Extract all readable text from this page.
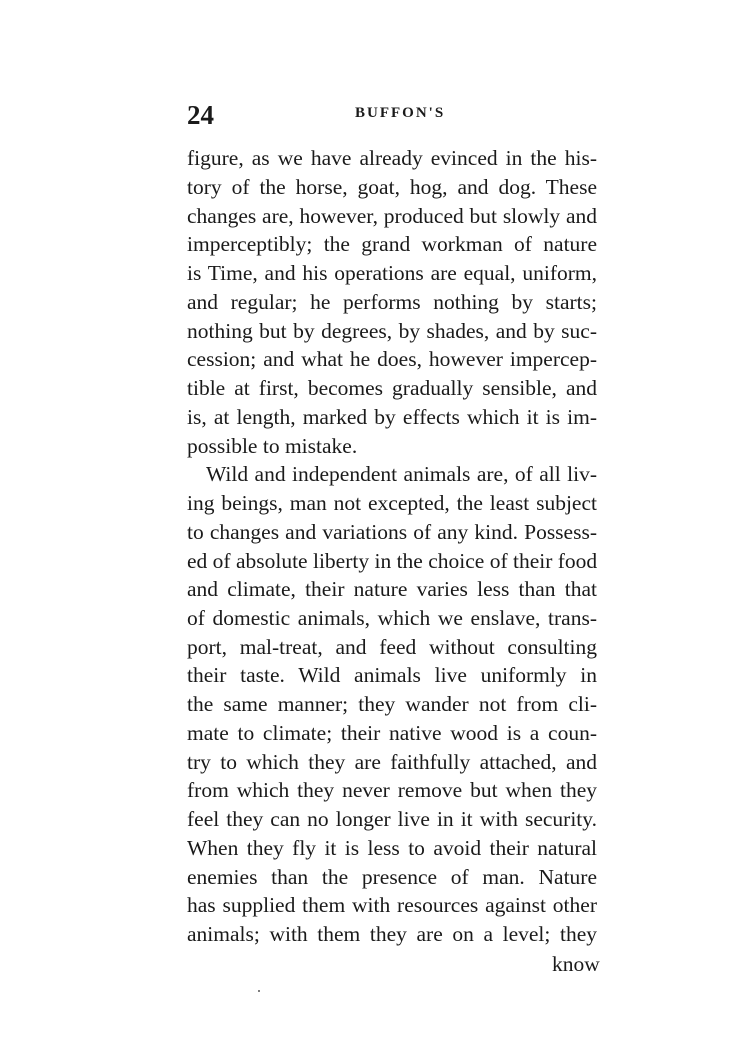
24	BUFFON'S
figure, as we have already evinced in the his-
tory of the horse, goat, hog, and dog. These
changes are, however, produced but slowly and
imperceptibly; the grand workman of nature
is Time, and his operations are equal, uniform,
and regular; he performs nothing by starts;
nothing but by degrees, by shades, and by suc-
cession; and what he does, however impercep-
tible at first, becomes gradually sensible, and
is, at length, marked by effects which it is im-
possible to mistake.
Wild and independent animals are, of all liv-
ing beings, man not excepted, the least subject
to changes and variations of any kind. Possess-
ed of absolute liberty in the choice of their food
and climate, their nature varies less than that
of domestic animals, which we enslave, trans-
port, mal-treat, and feed without consulting
their taste. Wild animals live uniformly in
the same manner; they wander not from cli-
mate to climate; their native wood is a coun-
try to which they are faithfully attached, and
from which they never remove but when they
feel they can no longer live in it with security.
When they fly it is less to avoid their natural
enemies than the presence of man. Nature
has supplied them with resources against other
animals; with them they are on a level; they
know
